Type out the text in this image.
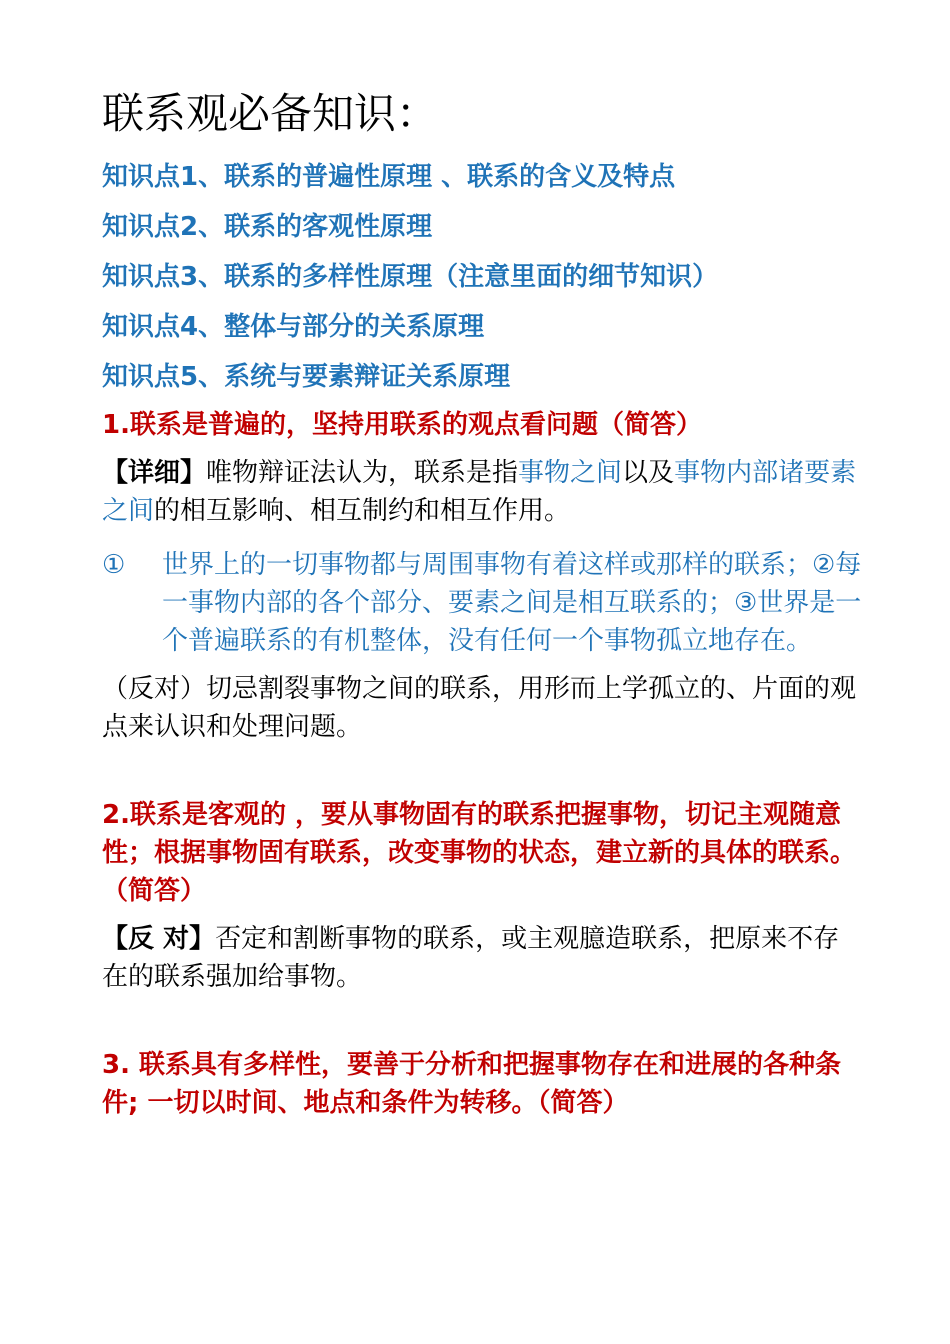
联系观必备知识：
知识点1、联系的普遍性原理 、联系的含义及特点
知识点2、联系的客观性原理
知识点3、联系的多样性原理（注意里面的细节知识）
知识点4、整体与部分的关系原理
知识点5、系统与要素辩证关系原理
1.联系是普遍的，坚持用联系的观点看问题（简答）

【详细】唯物辩证法认为，联系是指事物之间以及事物内部诸要素之间的相互影响、相互制约和相互作用。

①	世界上的一切事物都与周围事物有着这样或那样的联系；②每一事物内部的各个部分、要素之间是相互联系的；③世界是一个普遍联系的有机整体，没有任何一个事物孤立地存在。

（反对）切忌割裂事物之间的联系，用形而上学孤立的、片面的观点来认识和处理问题。

2.联系是客观的 ，要从事物固有的联系把握事物，切记主观随意性；根据事物固有联系，改变事物的状态，建立新的具体的联系。（简答）

【反 对】否定和割断事物的联系，或主观臆造联系，把原来不存在的联系强加给事物。

3. 联系具有多样性，要善于分析和把握事物存在和进展的各种条件; 一切以时间、地点和条件为转移。（简答）
